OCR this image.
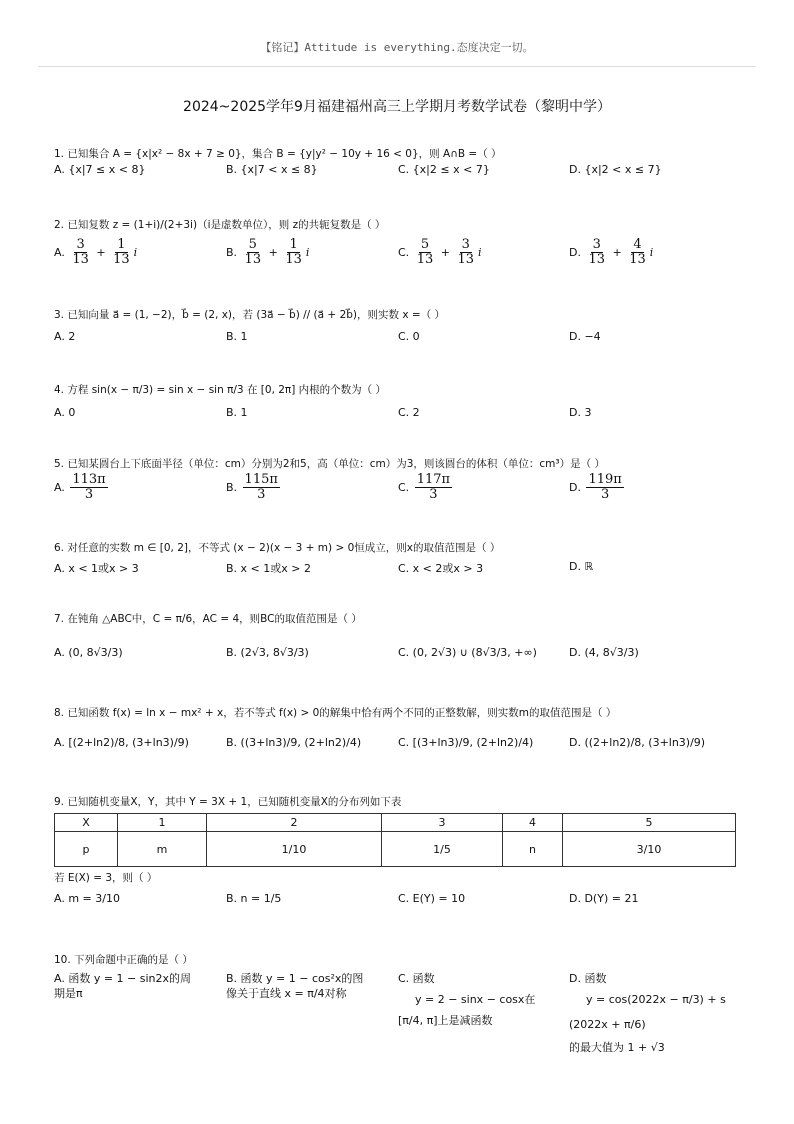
【铭记】Attitude is everything.态度决定一切。
2024~2025学年9月福建福州高三上学期月考数学试卷（黎明中学）
1. 已知集合 A = {x|x² − 8x + 7 ≥ 0}，集合 B = {y|y² − 10y + 16 < 0}，则 A∩B =（ ）
A. {x|7 ≤ x < 8}	B. {x|7 < x ≤ 8}	C. {x|2 ≤ x < 7}	D. {x|2 < x ≤ 7}
2. 已知复数 z = (1+i)/(2+3i)（i是虚数单位），则 z的共轭复数是（ ）
A. $\frac{3}{13} + \frac{1}{13}$ i	B. $\frac{5}{13} + \frac{1}{13}$ i	C. $\frac{5}{13} + \frac{3}{13}$ i	D. $\frac{3}{13} + \frac{4}{13}$ i
3. 已知向量 a⃗ = (1, −2)，b⃗ = (2, x)，若 (3a⃗ − b⃗) // (a⃗ + 2b⃗)，则实数 x =（ ）
A. 2	B. 1	C. 0	D. −4
4. 方程 sin(x − π/3) = sin x − sin π/3 在 [0, 2π] 内根的个数为（ ）
A. 0	B. 1	C. 2	D. 3
5. 已知某圆台上下底面半径（单位：cm）分别为2和5，高（单位：cm）为3，则该圆台的体积（单位：cm³）是（ ）
A. $\frac{113\pi}{3}$	B. $\frac{115\pi}{3}$	C. $\frac{117\pi}{3}$	D. $\frac{119\pi}{3}$
6. 对任意的实数 m ∈ [0, 2]，不等式 (x − 2)(x − 3 + m) > 0恒成立，则x的取值范围是（ ）
A. x < 1或x > 3	B. x < 1或x > 2	C. x < 2或x > 3	D. ℝ
7. 在钝角 △ABC中，C = π/6，AC = 4，则BC的取值范围是（ ）
A. (0, 8√3/3)	B. (2√3, 8√3/3)	C. (0, 2√3) ∪ (8√3/3, +∞)	D. (4, 8√3/3)
8. 已知函数 f(x) = ln x − mx² + x，若不等式 f(x) > 0的解集中恰有两个不同的正整数解，则实数m的取值范围是（ ）
A. [(2+ln2)/8, (3+ln3)/9)	B. ((3+ln3)/9, (2+ln2)/4)	C. [(3+ln3)/9, (2+ln2)/4)	D. ((2+ln2)/8, (3+ln3)/9)
9. 已知随机变量X，Y，其中 Y = 3X + 1，已知随机变量X的分布列如下表
X	1	2	3	4	5
p	m	1/10	1/5	n	3/10
若 E(X) = 3，则（ ）
A. m = 3/10	B. n = 1/5	C. E(Y) = 10	D. D(Y) = 21
10. 下列命题中正确的是（ ）
A. 函数 y = 1 − sin2x的周
期是π
B. 函数 y = 1 − cos²x的图
像关于直线 x = π/4对称
C. 函数
y = 2 − sinx − cosx在
[π/4, π]上是减函数
D. 函数
y = cos(2022x − π/3) + s
(2022x + π/6)
的最大值为 1 + √3
